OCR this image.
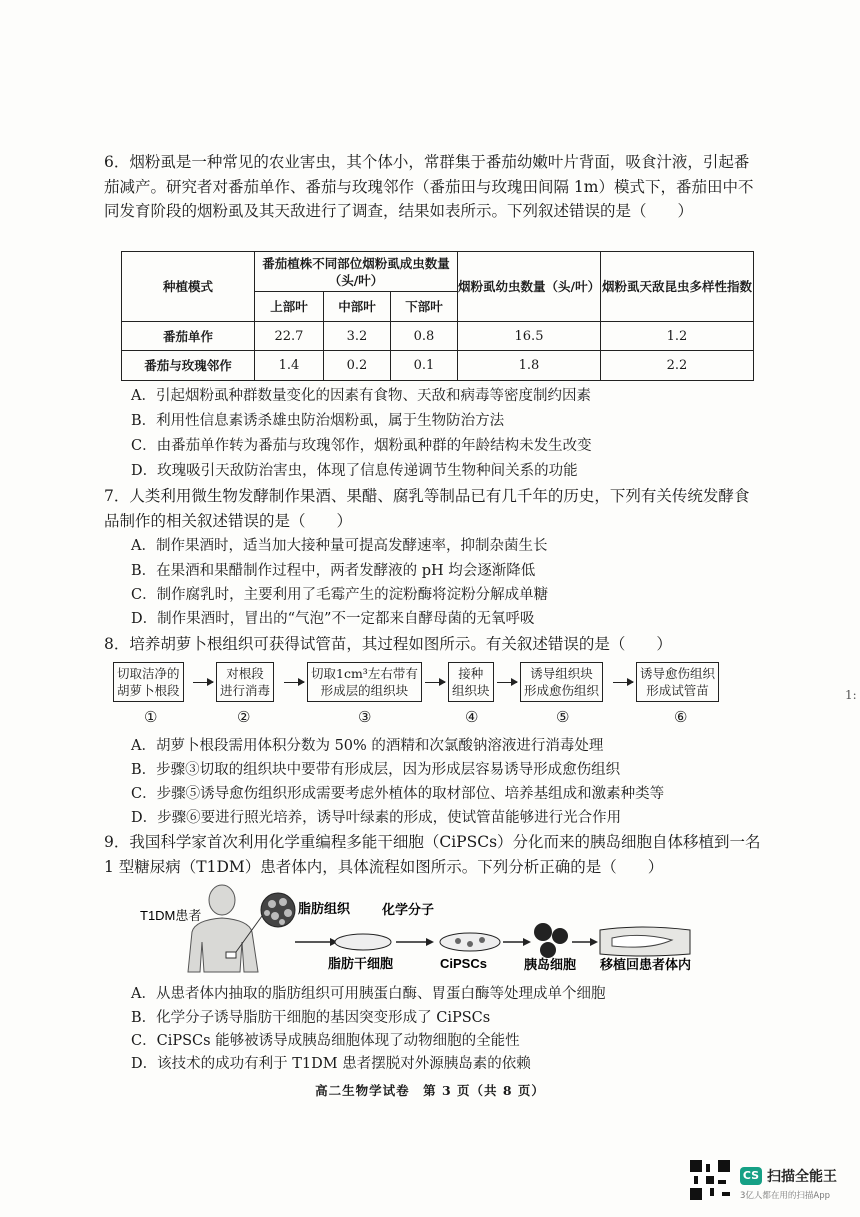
6．烟粉虱是一种常见的农业害虫，其个体小，常群集于番茄幼嫩叶片背面，吸食汁液，引起番茄减产。研究者对番茄单作、番茄与玫瑰邻作（番茄田与玫瑰田间隔 1m）模式下，番茄田中不同发育阶段的烟粉虱及其天敌进行了调查，结果如表所示。下列叙述错误的是（　　）

种植模式	番茄植株不同部位烟粉虱成虫数量（头/叶）			烟粉虱幼虫数量（头/叶）	烟粉虱天敌昆虫多样性指数
	上部叶	中部叶	下部叶		
番茄单作	22.7	3.2	0.8	16.5	1.2
番茄与玫瑰邻作	1.4	0.2	0.1	1.8	2.2
A．引起烟粉虱种群数量变化的因素有食物、天敌和病毒等密度制约因素
B．利用性信息素诱杀雄虫防治烟粉虱，属于生物防治方法
C．由番茄单作转为番茄与玫瑰邻作，烟粉虱种群的年龄结构未发生改变
D．玫瑰吸引天敌防治害虫，体现了信息传递调节生物种间关系的功能

7．人类利用微生物发酵制作果酒、果醋、腐乳等制品已有几千年的历史，下列有关传统发酵食品制作的相关叙述错误的是（　　）

A．制作果酒时，适当加大接种量可提高发酵速率，抑制杂菌生长
B．在果酒和果醋制作过程中，两者发酵液的 pH 均会逐渐降低
C．制作腐乳时，主要利用了毛霉产生的淀粉酶将淀粉分解成单糖
D．制作果酒时，冒出的“气泡”不一定都来自酵母菌的无氧呼吸

8．培养胡萝卜根组织可获得试管苗，其过程如图所示。有关叙述错误的是（　　）

切取洁净的
胡萝卜根段
对根段
进行消毒
切取1cm³左右带有
形成层的组织块
接种
组织块
诱导组织块
形成愈伤组织
诱导愈伤组织
形成试管苗
①	②	③	④	⑤	⑥
A．胡萝卜根段需用体积分数为 50% 的酒精和次氯酸钠溶液进行消毒处理
B．步骤③切取的组织块中要带有形成层，因为形成层容易诱导形成愈伤组织
C．步骤⑤诱导愈伤组织形成需要考虑外植体的取材部位、培养基组成和激素种类等
D．步骤⑥要进行照光培养，诱导叶绿素的形成，使试管苗能够进行光合作用

9．我国科学家首次利用化学重编程多能干细胞（CiPSCs）分化而来的胰岛细胞自体移植到一名 1 型糖尿病（T1DM）患者体内，具体流程如图所示。下列分析正确的是（　　）

T1DM患者	脂肪组织
脂肪干细胞
化学分子
CiPSCs	胰岛细胞 移植回患者体内
A．从患者体内抽取的脂肪组织可用胰蛋白酶、胃蛋白酶等处理成单个细胞
B．化学分子诱导脂肪干细胞的基因突变形成了 CiPSCs
C．CiPSCs 能够被诱导成胰岛细胞体现了动物细胞的全能性
D．该技术的成功有利于 T1DM 患者摆脱对外源胰岛素的依赖
高二生物学试卷　第 3 页（共 8 页）
1:
CS 扫描全能王
3亿人都在用的扫描App
